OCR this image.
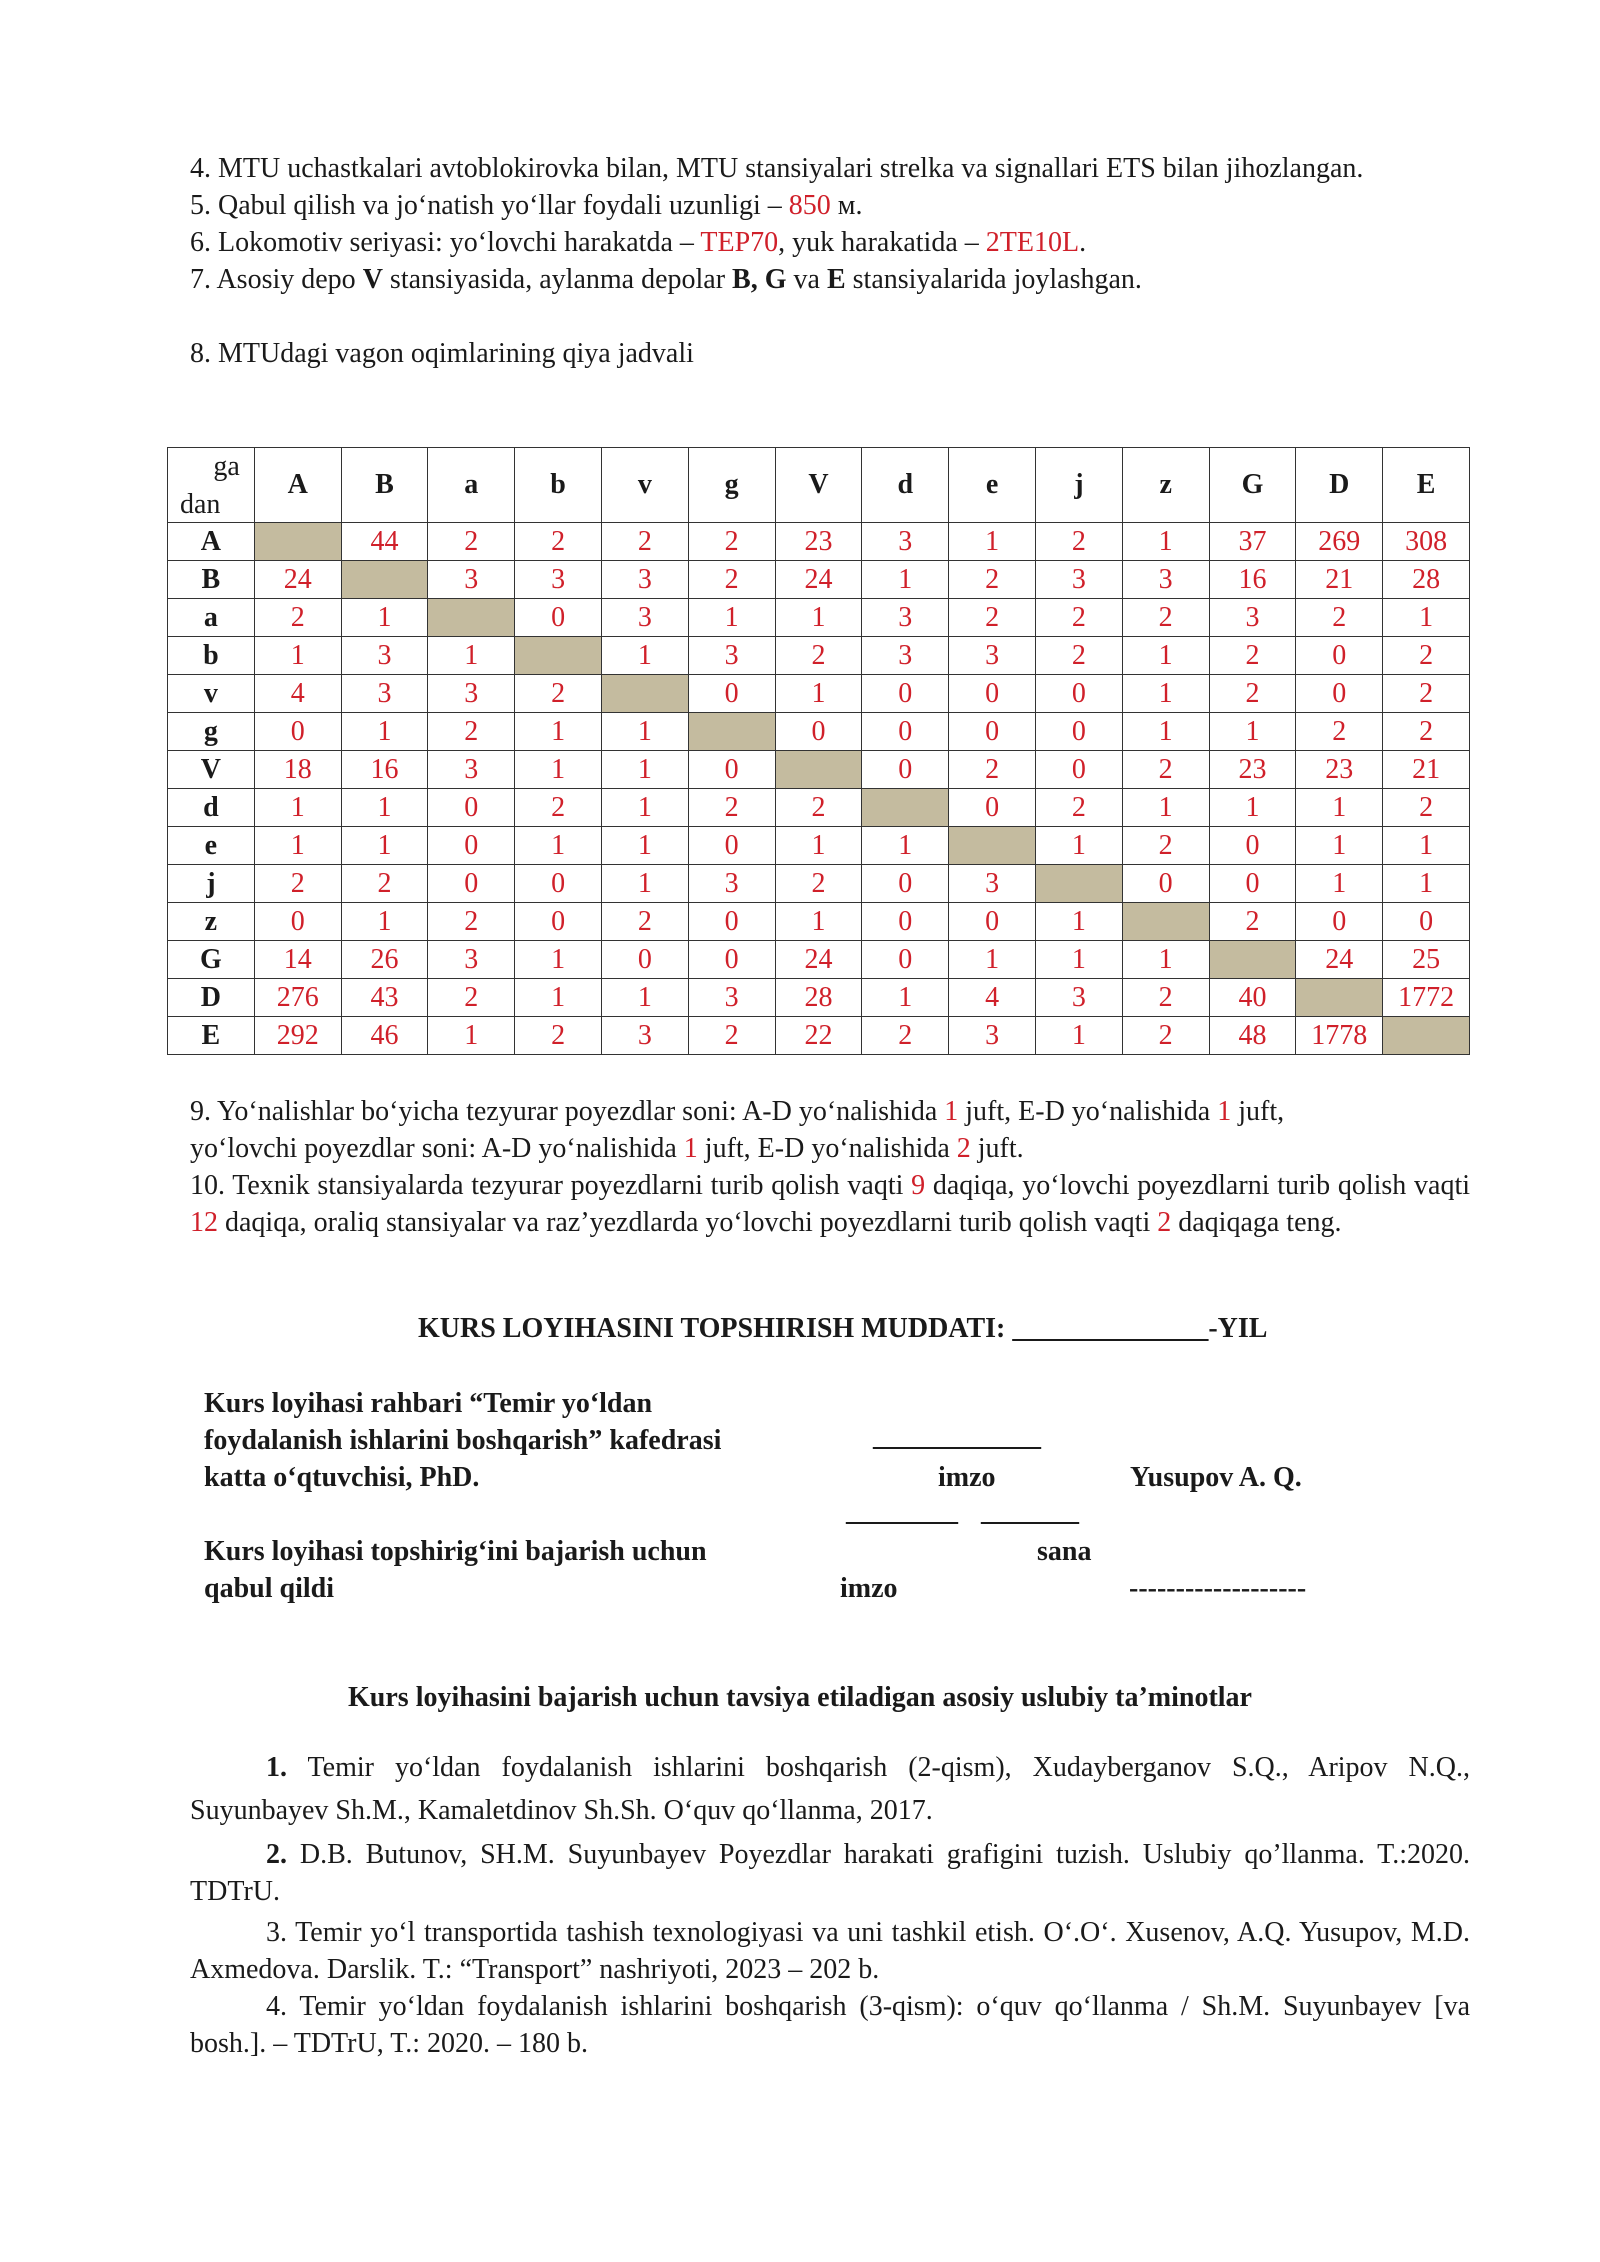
4. MTU uchastkalari avtoblokirovka bilan, MTU stansiyalari strelka va signallari ETS bilan jihozlangan.

5. Qabul qilish va jo‘natish yo‘llar foydali uzunligi – 850 м.

6. Lokomotiv seriyasi: yo‘lovchi harakatda – TEP70, yuk harakatida – 2TE10L.

7. Asosiy depo V stansiyasida, aylanma depolar B, G va E stansiyalarida joylashgan.

8. MTUdagi vagon oqimlarining qiya jadvali

ga
dan	A	B	a	b	v	g	V	d	e	j	z	G	D	E
A		44	2	2	2	2	23	3	1	2	1	37	269	308
B	24		3	3	3	2	24	1	2	3	3	16	21	28
a	2	1		0	3	1	1	3	2	2	2	3	2	1
b	1	3	1		1	3	2	3	3	2	1	2	0	2
v	4	3	3	2		0	1	0	0	0	1	2	0	2
g	0	1	2	1	1		0	0	0	0	1	1	2	2
V	18	16	3	1	1	0		0	2	0	2	23	23	21
d	1	1	0	2	1	2	2		0	2	1	1	1	2
e	1	1	0	1	1	0	1	1		1	2	0	1	1
j	2	2	0	0	1	3	2	0	3		0	0	1	1
z	0	1	2	0	2	0	1	0	0	1		2	0	0
G	14	26	3	1	0	0	24	0	1	1	1		24	25
D	276	43	2	1	1	3	28	1	4	3	2	40		1772
E	292	46	1	2	3	2	22	2	3	1	2	48	1778	

9. Yo‘nalishlar bo‘yicha tezyurar poyezdlar soni: A-D yo‘nalishida 1 juft, E-D yo‘nalishida 1 juft,

yo‘lovchi poyezdlar soni: A-D yo‘nalishida 1 juft, E-D yo‘nalishida 2 juft.

10. Texnik stansiyalarda tezyurar poyezdlarni turib qolish vaqti 9 daqiqa, yo‘lovchi poyezdlarni turib qolish vaqti 12 daqiqa, oraliq stansiyalar va raz’yezdlarda yo‘lovchi poyezdlarni turib qolish vaqti 2 daqiqaga teng.

KURS LOYIHASINI TOPSHIRISH MUDDATI: ______________-YIL
Kurs loyihasi rahbari “Temir yo‘ldan
foydalanish ishlarini boshqarish” kafedrasi
katta o‘qtuvchisi, PhD.
____________
imzo	Yusupov A. Q.
________ _______
sana
Kurs loyihasi topshirig‘ini bajarish uchun
qabul qildi	imzo	-------------------
Kurs loyihasini bajarish uchun tavsiya etiladigan asosiy uslubiy ta’minotlar

1. Temir yo‘ldan foydalanish ishlarini boshqarish (2-qism), Xudayberganov S.Q., Aripov N.Q., Suyunbayev Sh.M., Kamaletdinov Sh.Sh. O‘quv qo‘llanma, 2017.

2. D.B. Butunov, SH.M. Suyunbayev Poyezdlar harakati grafigini tuzish. Uslubiy qo’llanma. T.:2020. TDTrU.

3. Temir yo‘l transportida tashish texnologiyasi va uni tashkil etish. O‘.O‘. Xusenov, A.Q. Yusupov, M.D. Axmedova. Darslik. T.: “Transport” nashriyoti, 2023 – 202 b.

4. Temir yo‘ldan foydalanish ishlarini boshqarish (3-qism): o‘quv qo‘llanma / Sh.M. Suyunbayev [va bosh.]. – TDTrU, T.: 2020. – 180 b.
